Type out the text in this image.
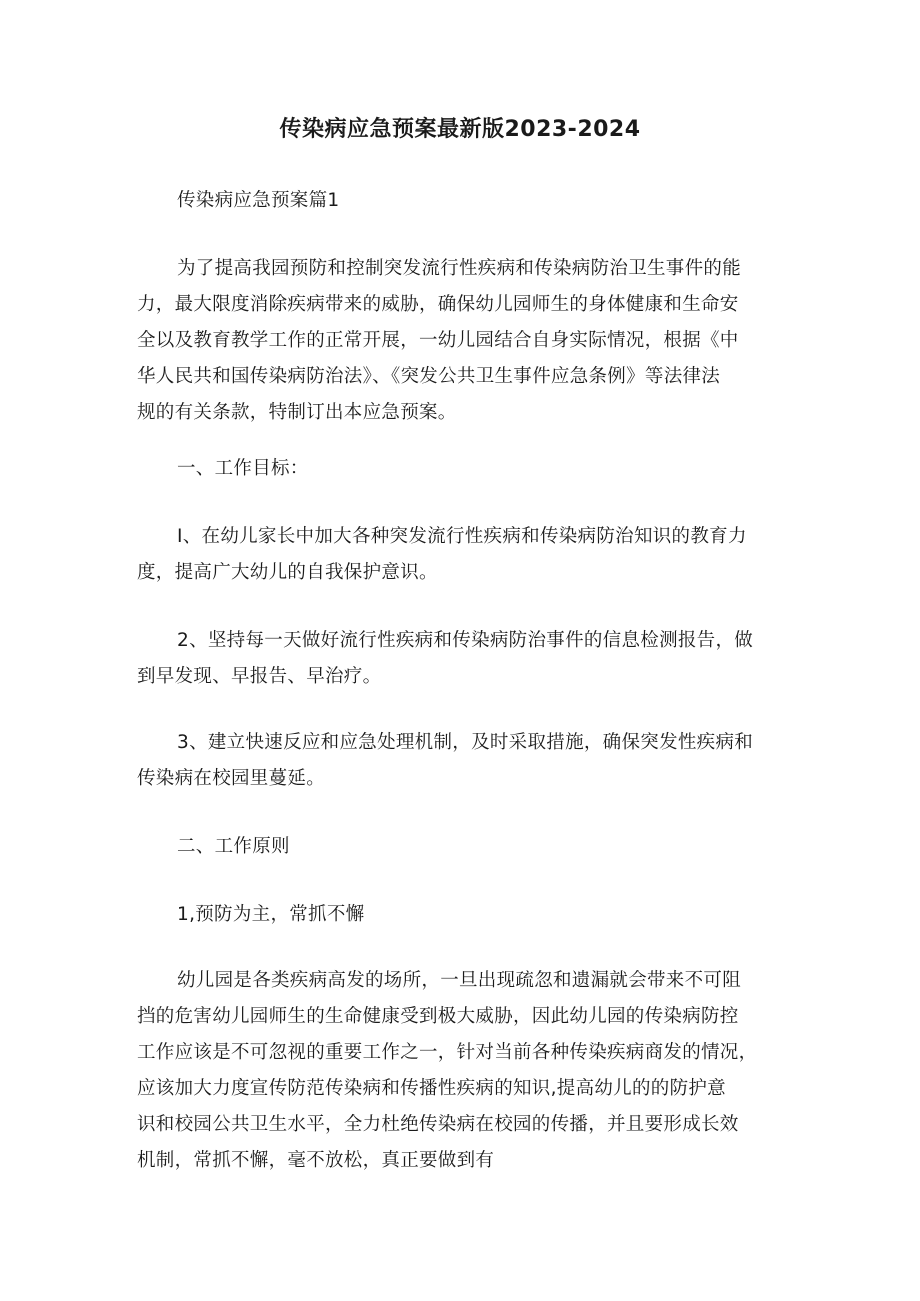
传染病应急预案最新版2023-2024

传染病应急预案篇1

为了提高我园预防和控制突发流行性疾病和传染病防治卫生事件的能

力，最大限度消除疾病带来的威胁，确保幼儿园师生的身体健康和生命安

全以及教育教学工作的正常开展，一幼儿园结合自身实际情况，根据《中

华人民共和国传染病防治法》、《突发公共卫生事件应急条例》等法律法

规的有关条款，特制订出本应急预案。

一、工作目标：

I、在幼儿家长中加大各种突发流行性疾病和传染病防治知识的教育力

度，提高广大幼儿的自我保护意识。

2、坚持每一天做好流行性疾病和传染病防治事件的信息检测报告，做

到早发现、早报告、早治疗。

3、建立快速反应和应急处理机制，及时采取措施，确保突发性疾病和

传染病在校园里蔓延。

二、工作原则

1,预防为主，常抓不懈

幼儿园是各类疾病高发的场所，一旦出现疏忽和遗漏就会带来不可阻

挡的危害幼儿园师生的生命健康受到极大威胁，因此幼儿园的传染病防控

工作应该是不可忽视的重要工作之一，针对当前各种传染疾病商发的情况，

应该加大力度宣传防范传染病和传播性疾病的知识,提高幼儿的的防护意

识和校园公共卫生水平，全力杜绝传染病在校园的传播，并且要形成长效

机制，常抓不懈，毫不放松，真正要做到有
